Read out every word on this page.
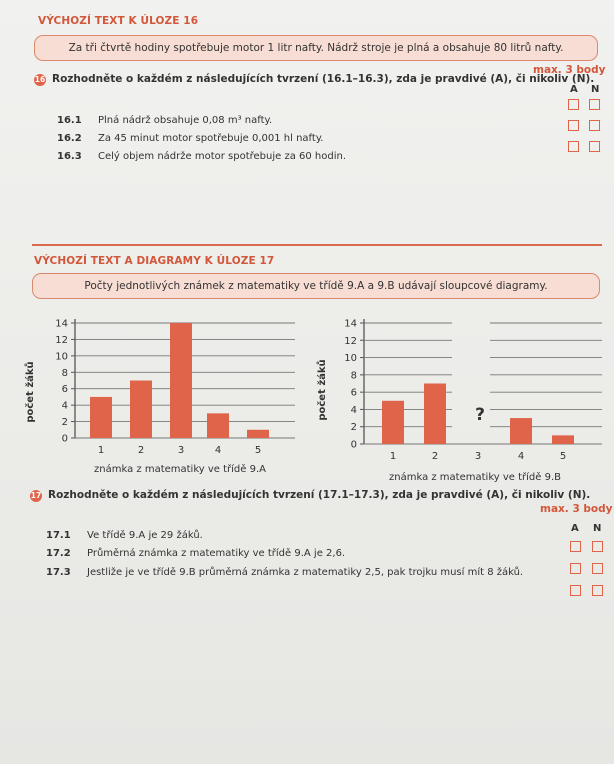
VÝCHOZÍ TEXT K ÚLOZE 16
Za tři čtvrtě hodiny spotřebuje motor 1 litr nafty. Nádrž stroje je plná a obsahuje 80 litrů nafty.
16 Rozhodněte o každém z následujících tvrzení (16.1–16.3), zda je pravdivé (A), či nikoliv (N).
max. 3 body
A N
16.1 Plná nádrž obsahuje 0,08 m³ nafty.
16.2 Za 45 minut motor spotřebuje 0,001 hl nafty.
16.3 Celý objem nádrže motor spotřebuje za 60 hodin.
VÝCHOZÍ TEXT A DIAGRAMY K ÚLOZE 17
Počty jednotlivých známek z matematiky ve třídě 9.A a 9.B udávají sloupcové diagramy.
0
2
4
6
8
10
12
14
1	2	3	4	5
počet žáků
známka z matematiky ve třídě 9.A
0
2
4
6
8
10
12
14
?
1	2	3	4	5
počet žáků
známka z matematiky ve třídě 9.B
17 Rozhodněte o každém z následujících tvrzení (17.1–17.3), zda je pravdivé (A), či nikoliv (N).
max. 3 body
A N
17.1 Ve třídě 9.A je 29 žáků.
17.2 Průměrná známka z matematiky ve třídě 9.A je 2,6.
17.3 Jestliže je ve třídě 9.B průměrná známka z matematiky 2,5, pak trojku musí mít 8 žáků.
